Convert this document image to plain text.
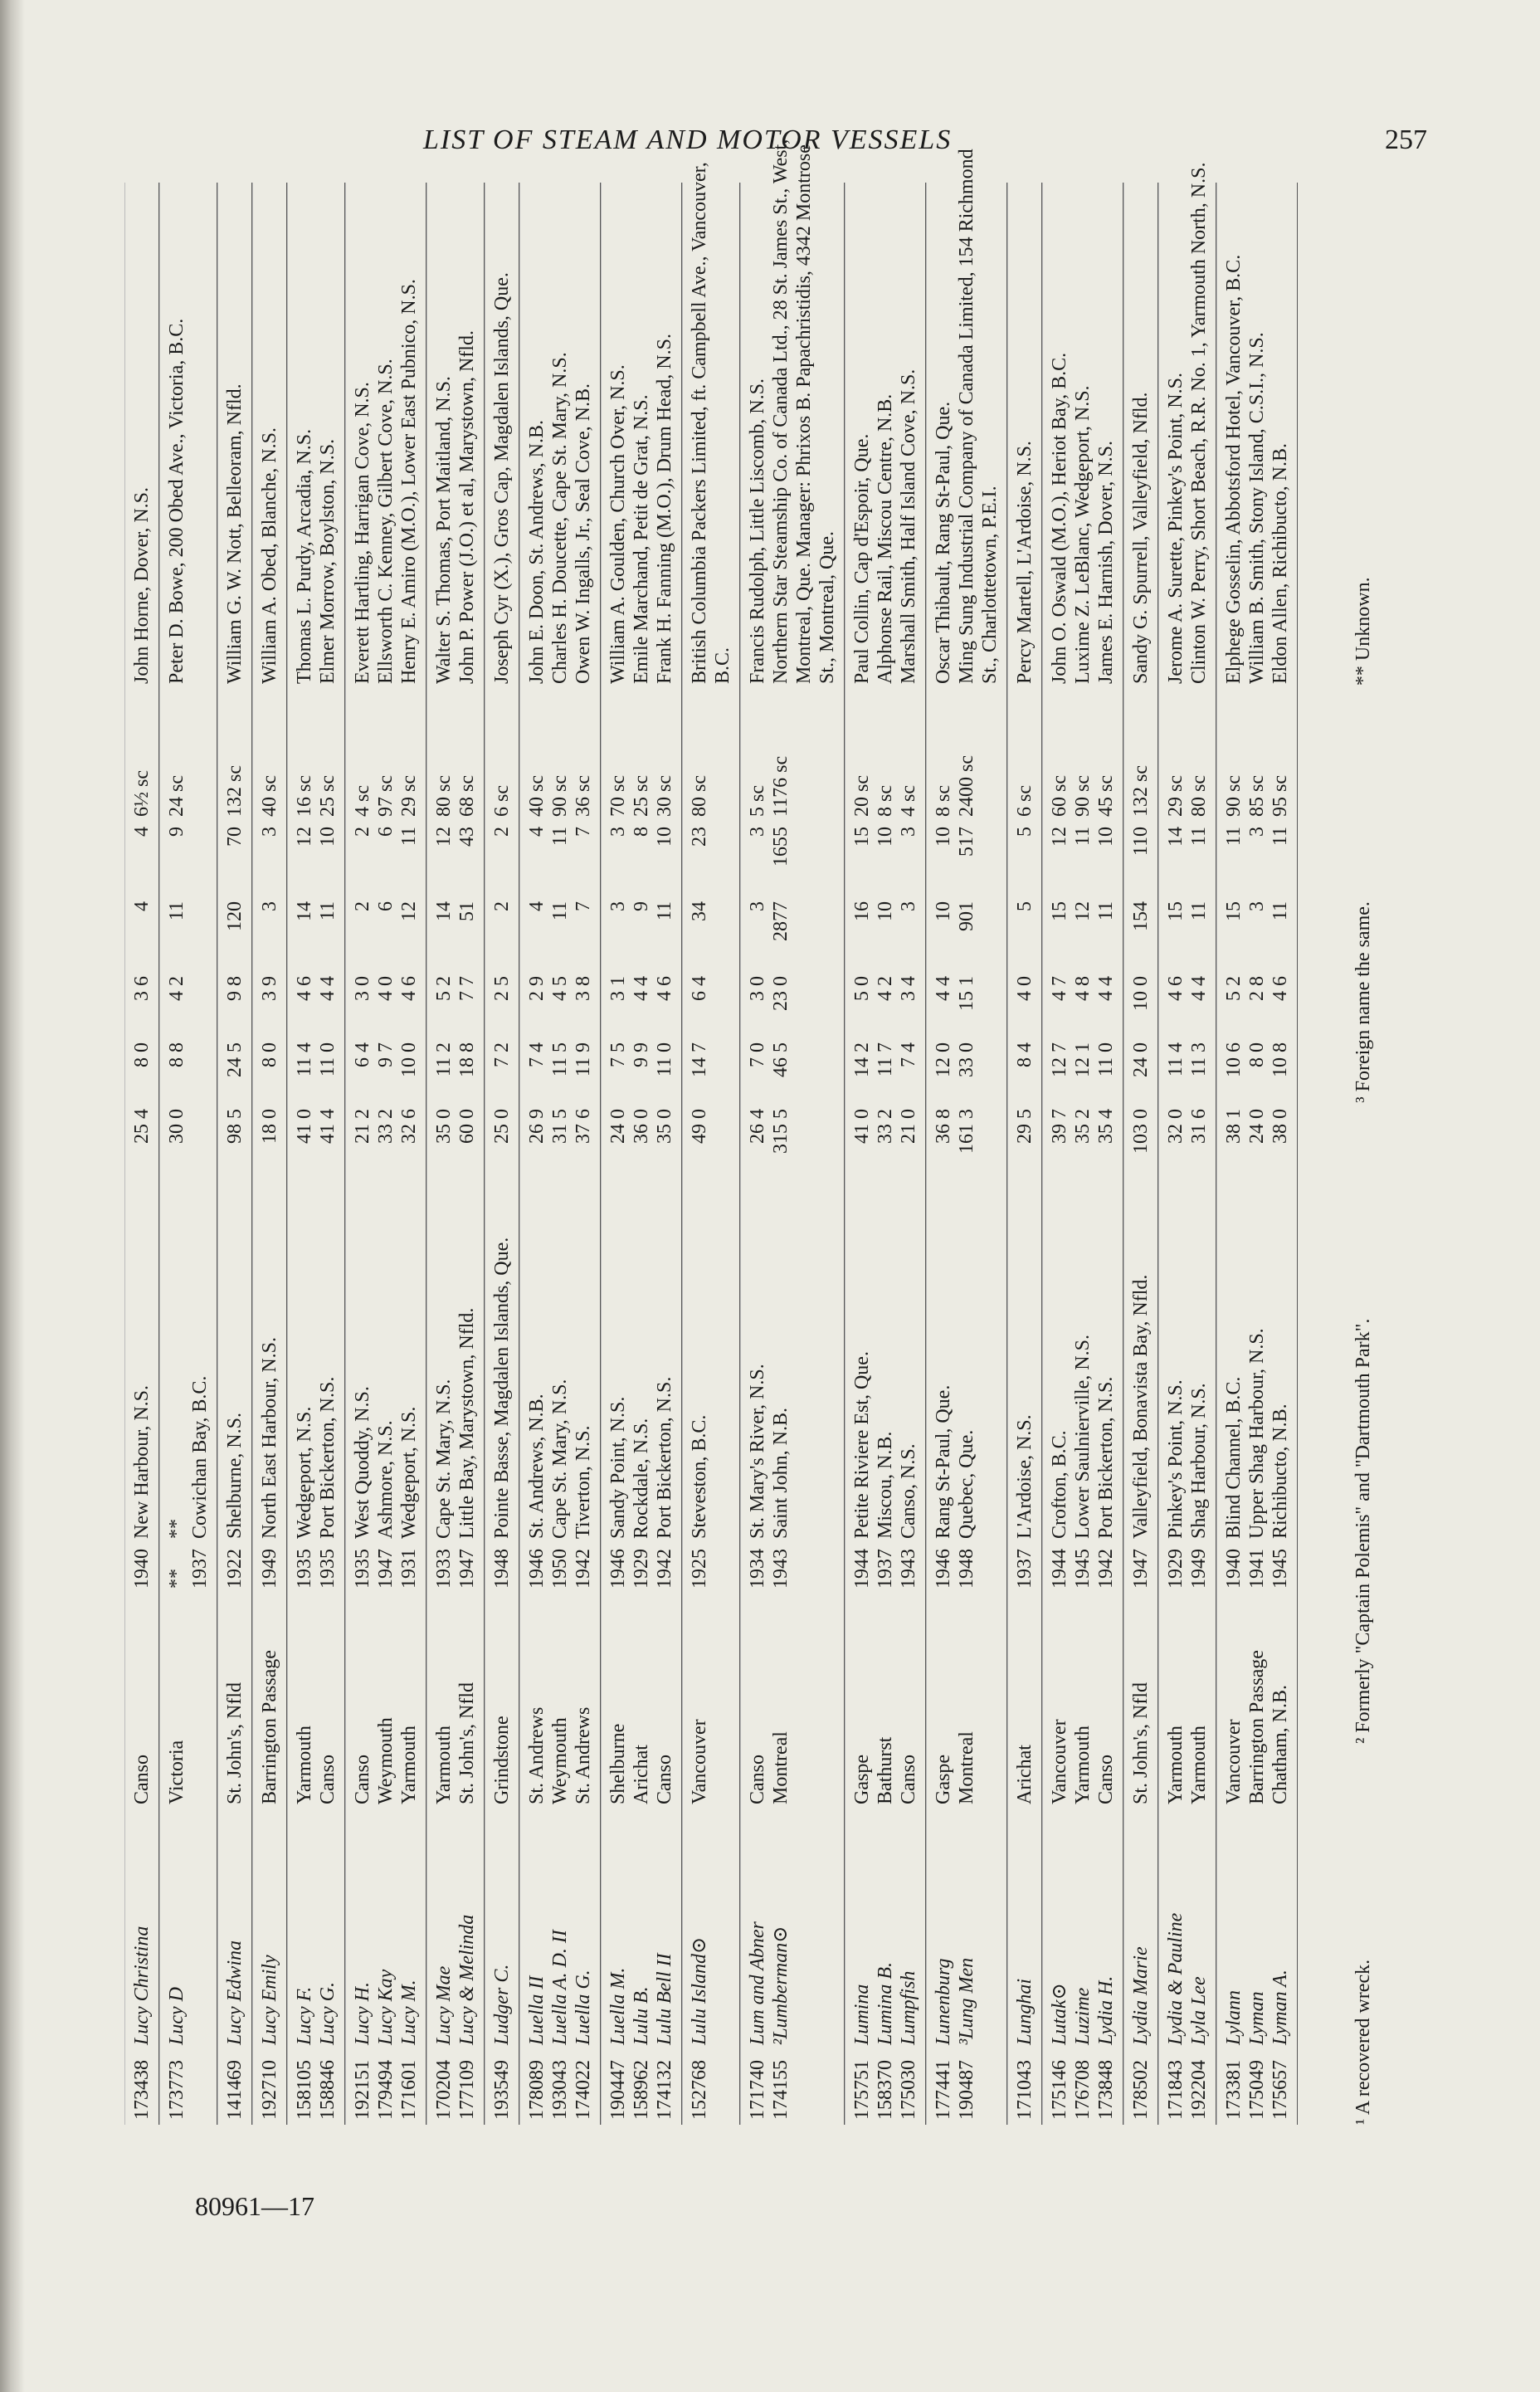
LIST OF STEAM AND MOTOR VESSELS	257
173438
Lucy Christina
Canso
1940
New Harbour, N.S.
25 4
8 0
3 6
4
4
6½ sc
John Horne, Dover, N.S.
173773
Lucy D
Victoria
**
1937
**
Cowichan Bay, B.C.
30 0
8 8
4 2
11
9
24 sc
Peter D. Bowe, 200 Obed Ave., Victoria, B.C.
141469
Lucy Edwina
St. John's, Nfld
1922
Shelburne, N.S.
98 5
24 5
9 8
120
70
132 sc
William G. W. Nott, Belleoram, Nfld.
192710
Lucy Emily
Barrington Passage
1949
North East Harbour, N.S.
18 0
8 0
3 9
3
3
40 sc
William A. Obed, Blanche, N.S.
158105
158846
Lucy F.
Lucy G.
Yarmouth
Canso
1935
1935
Wedgeport, N.S.
Port Bickerton, N.S.
41 0
41 4
11 4
11 0
4 6
4 4
14
11
12
10
16 sc
25 sc
Thomas L. Purdy, Arcadia, N.S.
Elmer Morrow, Boylston, N.S.
192151
179494
171601
Lucy H.
Lucy Kay
Lucy M.
Canso
Weymouth
Yarmouth
1935
1947
1931
West Quoddy, N.S.
Ashmore, N.S.
Wedgeport, N.S.
21 2
33 2
32 6
6 4
9 7
10 0
3 0
4 0
4 6
2
6
12
2
6
11
4 sc
97 sc
29 sc
Everett Hartling, Harrigan Cove, N.S.
Ellsworth C. Kenney, Gilbert Cove, N.S.
Henry E. Amiro (M.O.), Lower East Pubnico, N.S.
170204
177109
Lucy Mae
Lucy & Melinda
Yarmouth
St. John's, Nfld
1933
1947
Cape St. Mary, N.S.
Little Bay, Marystown, Nfld.
35 0
60 0
11 2
18 8
5 2
7 7
14
51
12
43
80 sc
68 sc
Walter S. Thomas, Port Maitland, N.S.
John P. Power (J.O.) et al, Marystown, Nfld.
193549
Ludger C.
Grindstone
1948
Pointe Basse, Magdalen Islands, Que.
25 0
7 2
2 5
2
2
6 sc
Joseph Cyr (X.), Gros Cap, Magdalen Islands, Que.
178089
193043
174022
Luella II
Luella A. D. II
Luella G.
St. Andrews
Weymouth
St. Andrews
1946
1950
1942
St. Andrews, N.B.
Cape St. Mary, N.S.
Tiverton, N.S.
26 9
31 5
37 6
7 4
11 5
11 9
2 9
4 5
3 8
4
11
7
4
11
7
40 sc
90 sc
36 sc
John E. Doon, St. Andrews, N.B.
Charles H. Doucette, Cape St. Mary, N.S.
Owen W. Ingalls, Jr., Seal Cove, N.B.
190447
158962
174132
Luella M.
Lulu B.
Lulu Bell II
Shelburne
Arichat
Canso
1946
1929
1942
Sandy Point, N.S.
Rockdale, N.S.
Port Bickerton, N.S.
24 0
36 0
35 0
7 5
9 9
11 0
3 1
4 4
4 6
3
9
11
3
8
10
70 sc
25 sc
30 sc
William A. Goulden, Church Over, N.S.
Emile Marchand, Petit de Grat, N.S.
Frank H. Fanning (M.O.), Drum Head, N.S.
152768
Lulu Island⊙
Vancouver
1925
Steveston, B.C.
49 0
14 7
6 4
34
23
80 sc
British Columbia Packers Limited, ft. Campbell Ave., Vancouver, B.C.
171740
174155
Lum and Abner
²Lumberman⊙
Canso
Montreal
1934
1943
St. Mary's River, N.S.
Saint John, N.B.
26 4
315 5
7 0
46 5
3 0
23 0
3
2877
3
1655
5 sc
1176 sc
Francis Rudolph, Little Liscomb, N.S.
Northern Star Steamship Co. of Canada Ltd., 28 St. James St., West, Montreal, Que. Manager: Phrixos B. Papachristidis, 4342 Montrose St., Montreal, Que.
175751
158370
175030
Lumina
Lumina B.
Lumpfish
Gaspe
Bathurst
Canso
1944
1937
1943
Petite Riviere Est, Que.
Miscou, N.B.
Canso, N.S.
41 0
33 2
21 0
14 2
11 7
7 4
5 0
4 2
3 4
16
10
3
15
10
3
20 sc
8 sc
4 sc
Paul Collin, Cap d'Espoir, Que.
Alphonse Rail, Miscou Centre, N.B.
Marshall Smith, Half Island Cove, N.S.
177441
190487
Lunenburg
³Lung Men
Gaspe
Montreal
1946
1948
Rang St-Paul, Que.
Quebec, Que.
36 8
161 3
12 0
33 0
4 4
15 1
10
901
10
517
8 sc
2400 sc
Oscar Thibault, Rang St-Paul, Que.
Ming Sung Industrial Company of Canada Limited, 154 Richmond St., Charlottetown, P.E.I.
171043
Lunghai
Arichat
1937
L'Ardoise, N.S.
29 5
8 4
4 0
5
5
6 sc
Percy Martell, L'Ardoise, N.S.
175146
176708
173848
Lutak⊙
Luzime
Lydia H.
Vancouver
Yarmouth
Canso
1944
1945
1942
Crofton, B.C.
Lower Saulnierville, N.S.
Port Bickerton, N.S.
39 7
35 2
35 4
12 7
12 1
11 0
4 7
4 8
4 4
15
12
11
12
11
10
60 sc
90 sc
45 sc
John O. Oswald (M.O.), Heriot Bay, B.C.
Luxime Z. LeBlanc, Wedgeport, N.S.
James E. Harnish, Dover, N.S.
178502
Lydia Marie
St. John's, Nfld
1947
Valleyfield, Bonavista Bay, Nfld.
103 0
24 0
10 0
154
110
132 sc
Sandy G. Spurrell, Valleyfield, Nfld.
171843
192204
Lydia & Pauline
Lyla Lee
Yarmouth
Yarmouth
1929
1949
Pinkey's Point, N.S.
Shag Harbour, N.S.
32 0
31 6
11 4
11 3
4 6
4 4
15
11
14
11
29 sc
80 sc
Jerome A. Surette, Pinkey's Point, N.S.
Clinton W. Perry, Short Beach, R.R. No. 1, Yarmouth North, N.S.
173381
175049
175657
Lylann
Lyman
Lyman A.
Vancouver
Barrington Passage
Chatham, N.B.
1940
1941
1945
Blind Channel, B.C.
Upper Shag Harbour, N.S.
Richibucto, N.B.
38 1
24 0
38 0
10 6
8 0
10 8
5 2
2 8
4 6
15
3
11
11
3
11
90 sc
85 sc
95 sc
Elphege Gosselin, Abbotsford Hotel, Vancouver, B.C.
William B. Smith, Stony Island, C.S.I., N.S.
Eldon Allen, Richibucto, N.B.
¹ A recovered wreck.
² Formerly "Captain Polemis" and "Dartmouth Park".
³ Foreign name the same.
** Unknown.
80961—17
